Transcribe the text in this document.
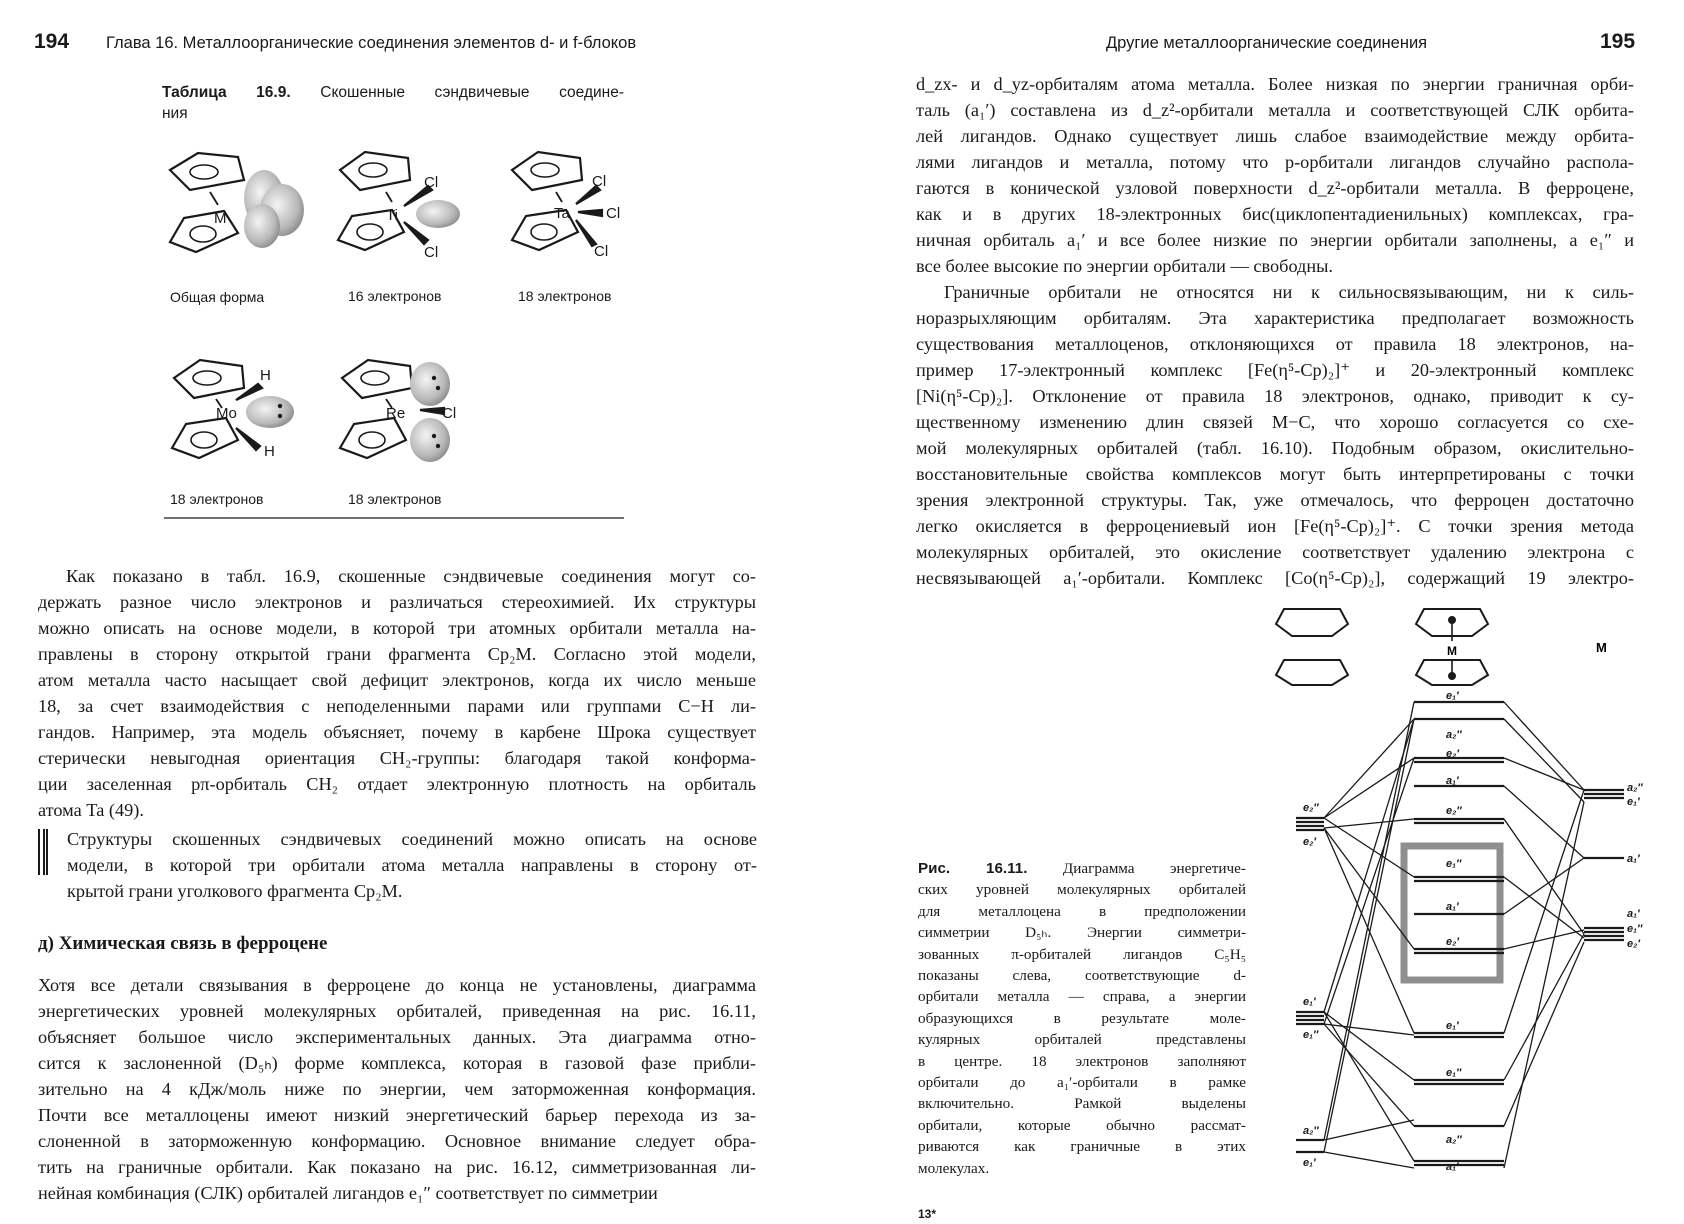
194 Глава 16. Металлоорганические соединения элементов d- и f-блоков
Таблица 16.9. Скошенные сэндвичевые соедине-
ния
M	Ti
Cl
Cl
Ta
Cl
Cl
Cl
Mo
H
H
Re Cl
Общая форма	16 электронов	18 электронов
18 электронов	18 электронов
Как показано в табл. 16.9, скошенные сэндвичевые соединения могут со-
держать разное число электронов и различаться стереохимией. Их структуры
можно описать на основе модели, в которой три атомных орбитали металла на-
правлены в сторону открытой грани фрагмента Cp₂M. Согласно этой модели,
атом металла часто насыщает свой дефицит электронов, когда их число меньше
18, за счет взаимодействия с неподеленными парами или группами C−H ли-
гандов. Например, эта модель объясняет, почему в карбене Шрока существует
стерически невыгодная ориентация CH₂-группы: благодаря такой конформа-
ции заселенная pπ-орбиталь CH₂ отдает электронную плотность на орбиталь
атома Ta (49).
Структуры скошенных сэндвичевых соединений можно описать на основе
модели, в которой три орбитали атома металла направлены в сторону от-
крытой грани уголкового фрагмента Cp₂M.
д) Химическая связь в ферроцене
Хотя все детали связывания в ферроцене до конца не установлены, диаграмма
энергетических уровней молекулярных орбиталей, приведенная на рис. 16.11,
объясняет большое число экспериментальных данных. Эта диаграмма отно-
сится к заслоненной (D₅ₕ) форме комплекса, которая в газовой фазе прибли-
зительно на 4 кДж/моль ниже по энергии, чем заторможенная конформация.
Почти все металлоцены имеют низкий энергетический барьер перехода из за-
слоненной в заторможенную конформацию. Основное внимание следует обра-
тить на граничные орбитали. Как показано на рис. 16.12, симметризованная ли-
нейная комбинация (СЛК) орбиталей лигандов e₁″ соответствует по симметрии
Другие металлоорганические соединения	195
d_zx- и d_yz-орбиталям атома металла. Более низкая по энергии граничная орби-
таль (a₁′) составлена из d_z²-орбитали металла и соответствующей СЛК орбита-
лей лигандов. Однако существует лишь слабое взаимодействие между орбита-
лями лигандов и металла, потому что p-орбитали лигандов случайно распола-
гаются в конической узловой поверхности d_z²-орбитали металла. В ферроцене,
как и в других 18-электронных бис(циклопентадиенильных) комплексах, гра-
ничная орбиталь a₁′ и все более низкие по энергии орбитали заполнены, а e₁″ и
все более высокие по энергии орбитали — свободны.
Граничные орбитали не относятся ни к сильносвязывающим, ни к силь-
норазрыхляющим орбиталям. Эта характеристика предполагает возможность
существования металлоценов, отклоняющихся от правила 18 электронов, на-
пример 17-электронный комплекс [Fe(η⁵-Cp)₂]⁺ и 20-электронный комплекс
[Ni(η⁵-Cp)₂]. Отклонение от правила 18 электронов, однако, приводит к су-
щественному изменению длин связей M−C, что хорошо согласуется со схе-
мой молекулярных орбиталей (табл. 16.10). Подобным образом, окислительно-
восстановительные свойства комплексов могут быть интерпретированы с точки
зрения электронной структуры. Так, уже отмечалось, что ферроцен достаточно
легко окисляется в ферроцениевый ион [Fe(η⁵-Cp)₂]⁺. С точки зрения метода
молекулярных орбиталей, это окисление соответствует удалению электрона с
несвязывающей a₁′-орбитали. Комплекс [Co(η⁵-Cp)₂], содержащий 19 электро-
Рис. 16.11. Диаграмма энергетиче-
ских уровней молекулярных орбиталей
для металлоцена в предположении
симметрии D₅ₕ. Энергии симметри-
зованных π-орбиталей лигандов C₅H₅
показаны слева, соответствующие d-
орбитали металла — справа, а энергии
образующихся в результате моле-
кулярных орбиталей представлены
в центре. 18 электронов заполняют
орбитали до a₁′-орбитали в рамке
включительно. Рамкой выделены
орбитали, которые обычно рассмат-
риваются как граничные в этих
молекулах.
13*
M	M
e₁′
a₂″
e₂′
a₁′
e₂″
e₁″
a₁′
e₂′
e₁′
e₁″
a₂″
a₁′
e₂″
e₂′
e₁′
e₁″
a₂″
e₁′
a₂″
e₁′
a₁′
a₁′
e₁″
e₂′
